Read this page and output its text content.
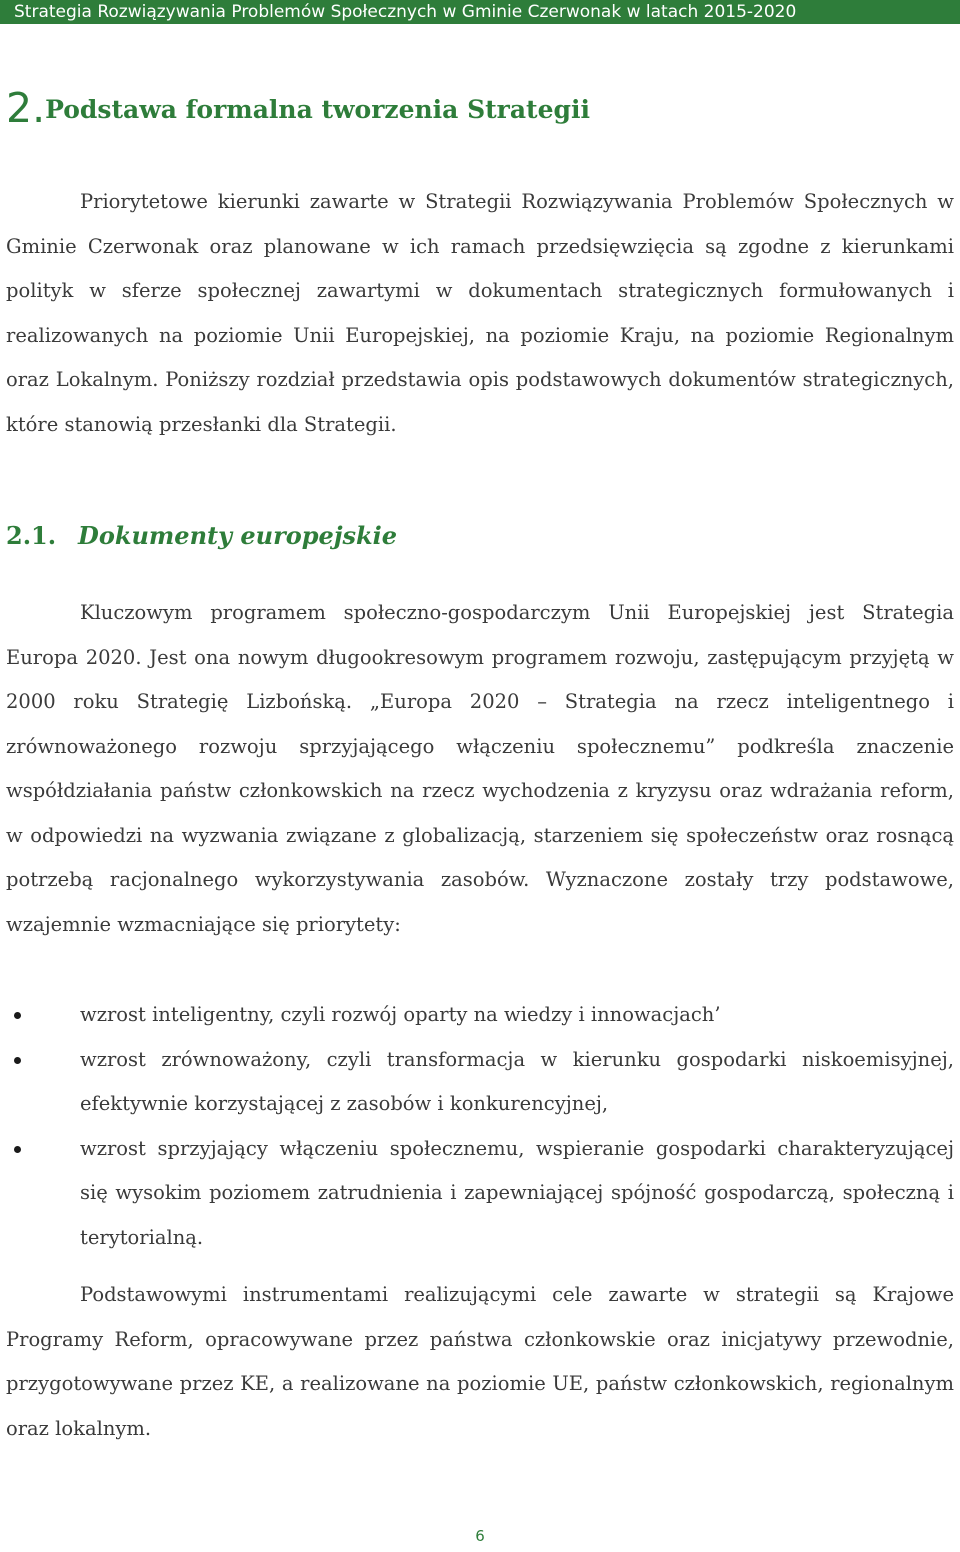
Strategia Rozwiązywania Problemów Społecznych w Gminie Czerwonak w latach 2015-2020
2.Podstawa formalna tworzenia Strategii

Priorytetowe kierunki zawarte w Strategii Rozwiązywania Problemów Społecznych w Gminie Czerwonak oraz planowane w ich ramach przedsięwzięcia są zgodne z kierunkami polityk w sferze społecznej zawartymi w dokumentach strategicznych formułowanych i realizowanych na poziomie Unii Europejskiej, na poziomie Kraju, na poziomie Regionalnym oraz Lokalnym. Poniższy rozdział przedstawia opis podstawowych dokumentów strategicznych, które stanowią przesłanki dla Strategii.

2.1. Dokumenty europejskie

Kluczowym programem społeczno-gospodarczym Unii Europejskiej jest Strategia Europa 2020. Jest ona nowym długookresowym programem rozwoju, zastępującym przyjętą w 2000 roku Strategię Lizbońską. „Europa 2020 – Strategia na rzecz inteligentnego i zrównoważonego rozwoju sprzyjającego włączeniu społecznemu” podkreśla znaczenie współdziałania państw członkowskich na rzecz wychodzenia z kryzysu oraz wdrażania reform, w odpowiedzi na wyzwania związane z globalizacją, starzeniem się społeczeństw oraz rosnącą potrzebą racjonalnego wykorzystywania zasobów. Wyznaczone zostały trzy podstawowe, wzajemnie wzmacniające się priorytety:

wzrost inteligentny, czyli rozwój oparty na wiedzy i innowacjach’
wzrost zrównoważony, czyli transformacja w kierunku gospodarki niskoemisyjnej, efektywnie korzystającej z zasobów i konkurencyjnej,
wzrost sprzyjający włączeniu społecznemu, wspieranie gospodarki charakteryzującej się wysokim poziomem zatrudnienia i zapewniającej spójność gospodarczą, społeczną i terytorialną.

Podstawowymi instrumentami realizującymi cele zawarte w strategii są Krajowe Programy Reform, opracowywane przez państwa członkowskie oraz inicjatywy przewodnie, przygotowywane przez KE, a realizowane na poziomie UE, państw członkowskich, regionalnym oraz lokalnym.

6
